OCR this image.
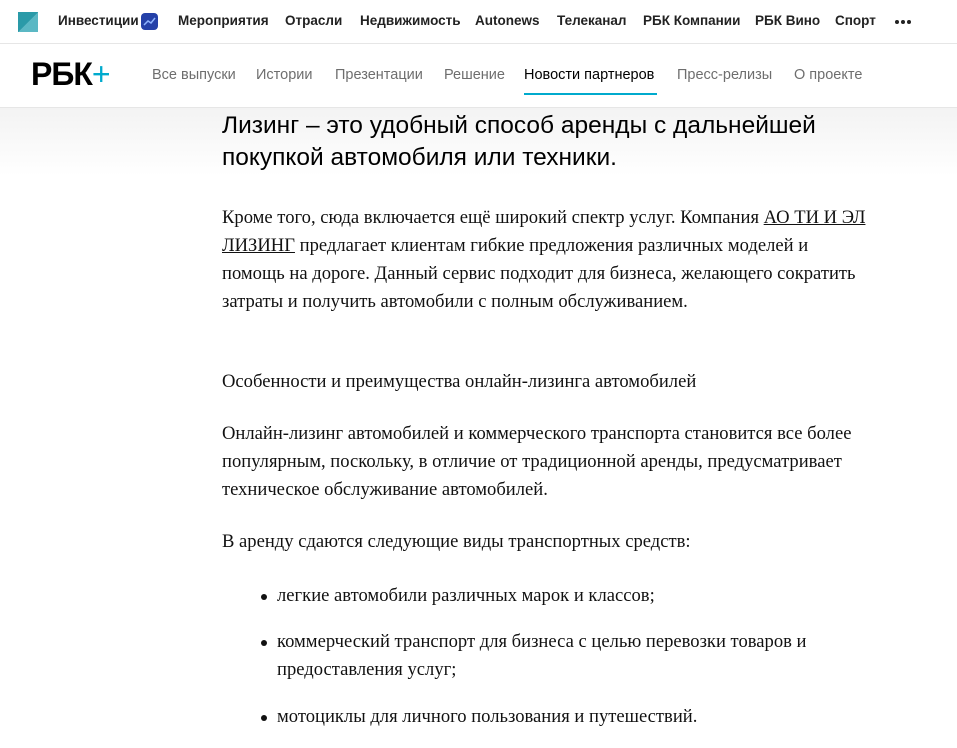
Инвестиции	Мероприятия Отрасли Недвижимость Autonews Телеканал РБК Компании РБК Вино Спорт
РБК+	Все выпуски Истории Презентации Решение Новости партнеров Пресс-релизы О проекте
Лизинг – это удобный способ аренды с дальнейшей покупкой автомобиля или техники.

Кроме того, сюда включается ещё широкий спектр услуг. Компания АО ТИ И ЭЛ ЛИЗИНГ предлагает клиентам гибкие предложения различных моделей и помощь на дороге. Данный сервис подходит для бизнеса, желающего сократить затраты и получить автомобили с полным обслуживанием.

Особенности и преимущества онлайн-лизинга автомобилей

Онлайн-лизинг автомобилей и коммерческого транспорта становится все более популярным, поскольку, в отличие от традиционной аренды, предусматривает техническое обслуживание автомобилей.

В аренду сдаются следующие виды транспортных средств:

легкие автомобили различных марок и классов;
коммерческий транспорт для бизнеса с целью перевозки товаров и предоставления услуг;
мотоциклы для личного пользования и путешествий.
